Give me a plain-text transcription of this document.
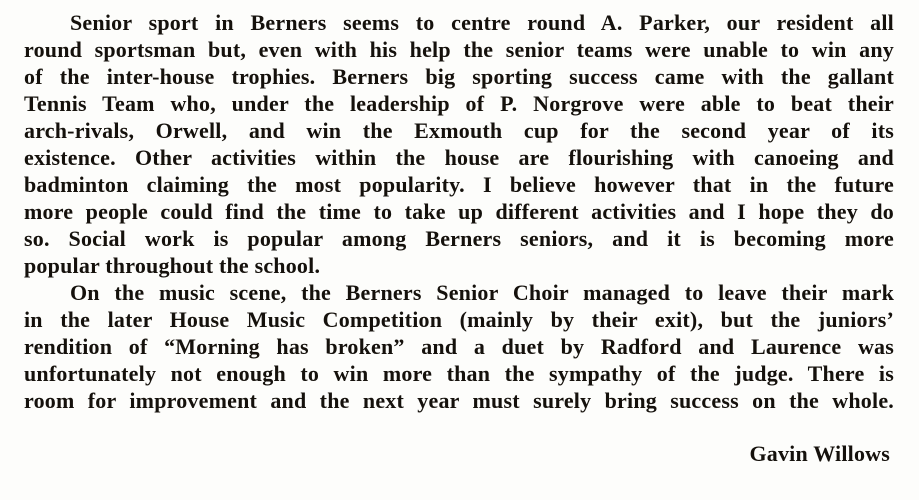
Senior sport in Berners seems to centre round A. Parker, our resident all
round sportsman but, even with his help the senior teams were unable to win any
of the inter-house trophies. Berners big sporting success came with the gallant
Tennis Team who, under the leadership of P. Norgrove were able to beat their
arch-rivals, Orwell, and win the Exmouth cup for the second year of its
existence. Other activities within the house are flourishing with canoeing and
badminton claiming the most popularity. I believe however that in the future
more people could find the time to take up different activities and I hope they do
so. Social work is popular among Berners seniors, and it is becoming more
popular throughout the school.
On the music scene, the Berners Senior Choir managed to leave their mark
in the later House Music Competition (mainly by their exit), but the juniors’
rendition of “Morning has broken” and a duet by Radford and Laurence was
unfortunately not enough to win more than the sympathy of the judge. There is
room for improvement and the next year must surely bring success on the whole.
Gavin Willows
